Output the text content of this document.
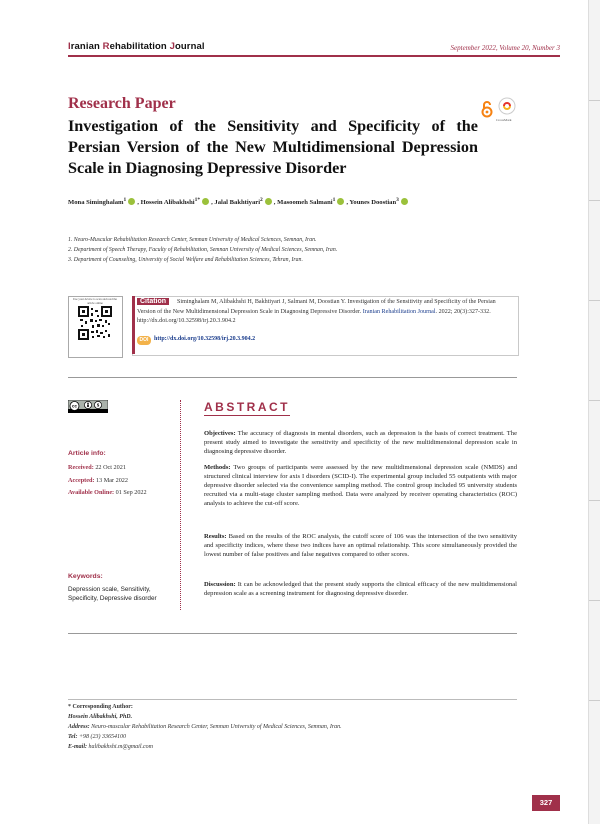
Iranian Rehabilitation Journal	September 2022, Volume 20, Number 3
Research Paper
CrossMark
Investigation of the Sensitivity and Specificity of the Persian Version of the New Multidimensional Depression Scale in Diagnosing Depressive Disorder
Mona Siminghalam$^1$ , Hossein Alibakhshi$^{1*}$ , Jalal Bakhtiyari$^2$ , Masoomeh Salmani$^1$ , Younes Doostian$^3$
1. Neuro-Muscular Rehabilitation Research Center, Semnan University of Medical Sciences, Semnan, Iran.
2. Department of Speech Therapy, Faculty of Rehabilitation, Semnan University of Medical Sciences, Semnan, Iran.
3. Department of Counseling, University of Social Welfare and Rehabilitation Sciences, Tehran, Iran.
Use your device to scan and read the article online	Siminghalam M, Alibakhshi H, Bakhtiyari J, Salmani M, Doostian Y. Investigation of the Sensitivity and Specificity of the Persian Version of the New Multidimensional Depression Scale in Diagnosing Depressive Disorder. Iranian Rehabilitation Journal. 2022; 20(3):327-332. http://dx.doi.org/10.32598/irj.20.3.904.2
Citation
DOI http://dx.doi.org/10.32598/irj.20.3.904.2
cc	$
Article info:
Received: 22 Oct 2021
Accepted: 13 Mar 2022
Available Online: 01 Sep 2022
Keywords:
Depression scale, Sensitivity, Specificity, Depressive disorder
ABSTRACT
Objectives: The accuracy of diagnosis in mental disorders, such as depression is the basis of correct treatment. The present study aimed to investigate the sensitivity and specificity of the new multidimensional depression scale in diagnosing depressive disorder.
Methods: Two groups of participants were assessed by the new multidimensional depression scale (NMDS) and structured clinical interview for axis I disorders (SCID-I). The experimental group included 55 outpatients with major depressive disorder selected via the convenience sampling method. The control group included 95 university students recruited via a multi-stage cluster sampling method. Data were analyzed by receiver operating characteristics (ROC) analysis to achieve the cut-off score.
Results: Based on the results of the ROC analysis, the cutoff score of 106 was the intersection of the two sensitivity and specificity indices, where these two indices have an optimal relationship. This score simultaneously provided the lowest number of false positives and false negatives compared to other scores.
Discussion: It can be acknowledged that the present study supports the clinical efficacy of the new multidimensional depression scale as a screening instrument for diagnosing depressive disorder.
* Corresponding Author:
Hossein Alibakhshi, PhD.
Address: Neuro-muscular Rehabilitation Research Center, Semnan University of Medical Sciences, Semnan, Iran.
Tel: +98 (23) 33654100
E-mail: halibakhshi.m@gmail.com
327
